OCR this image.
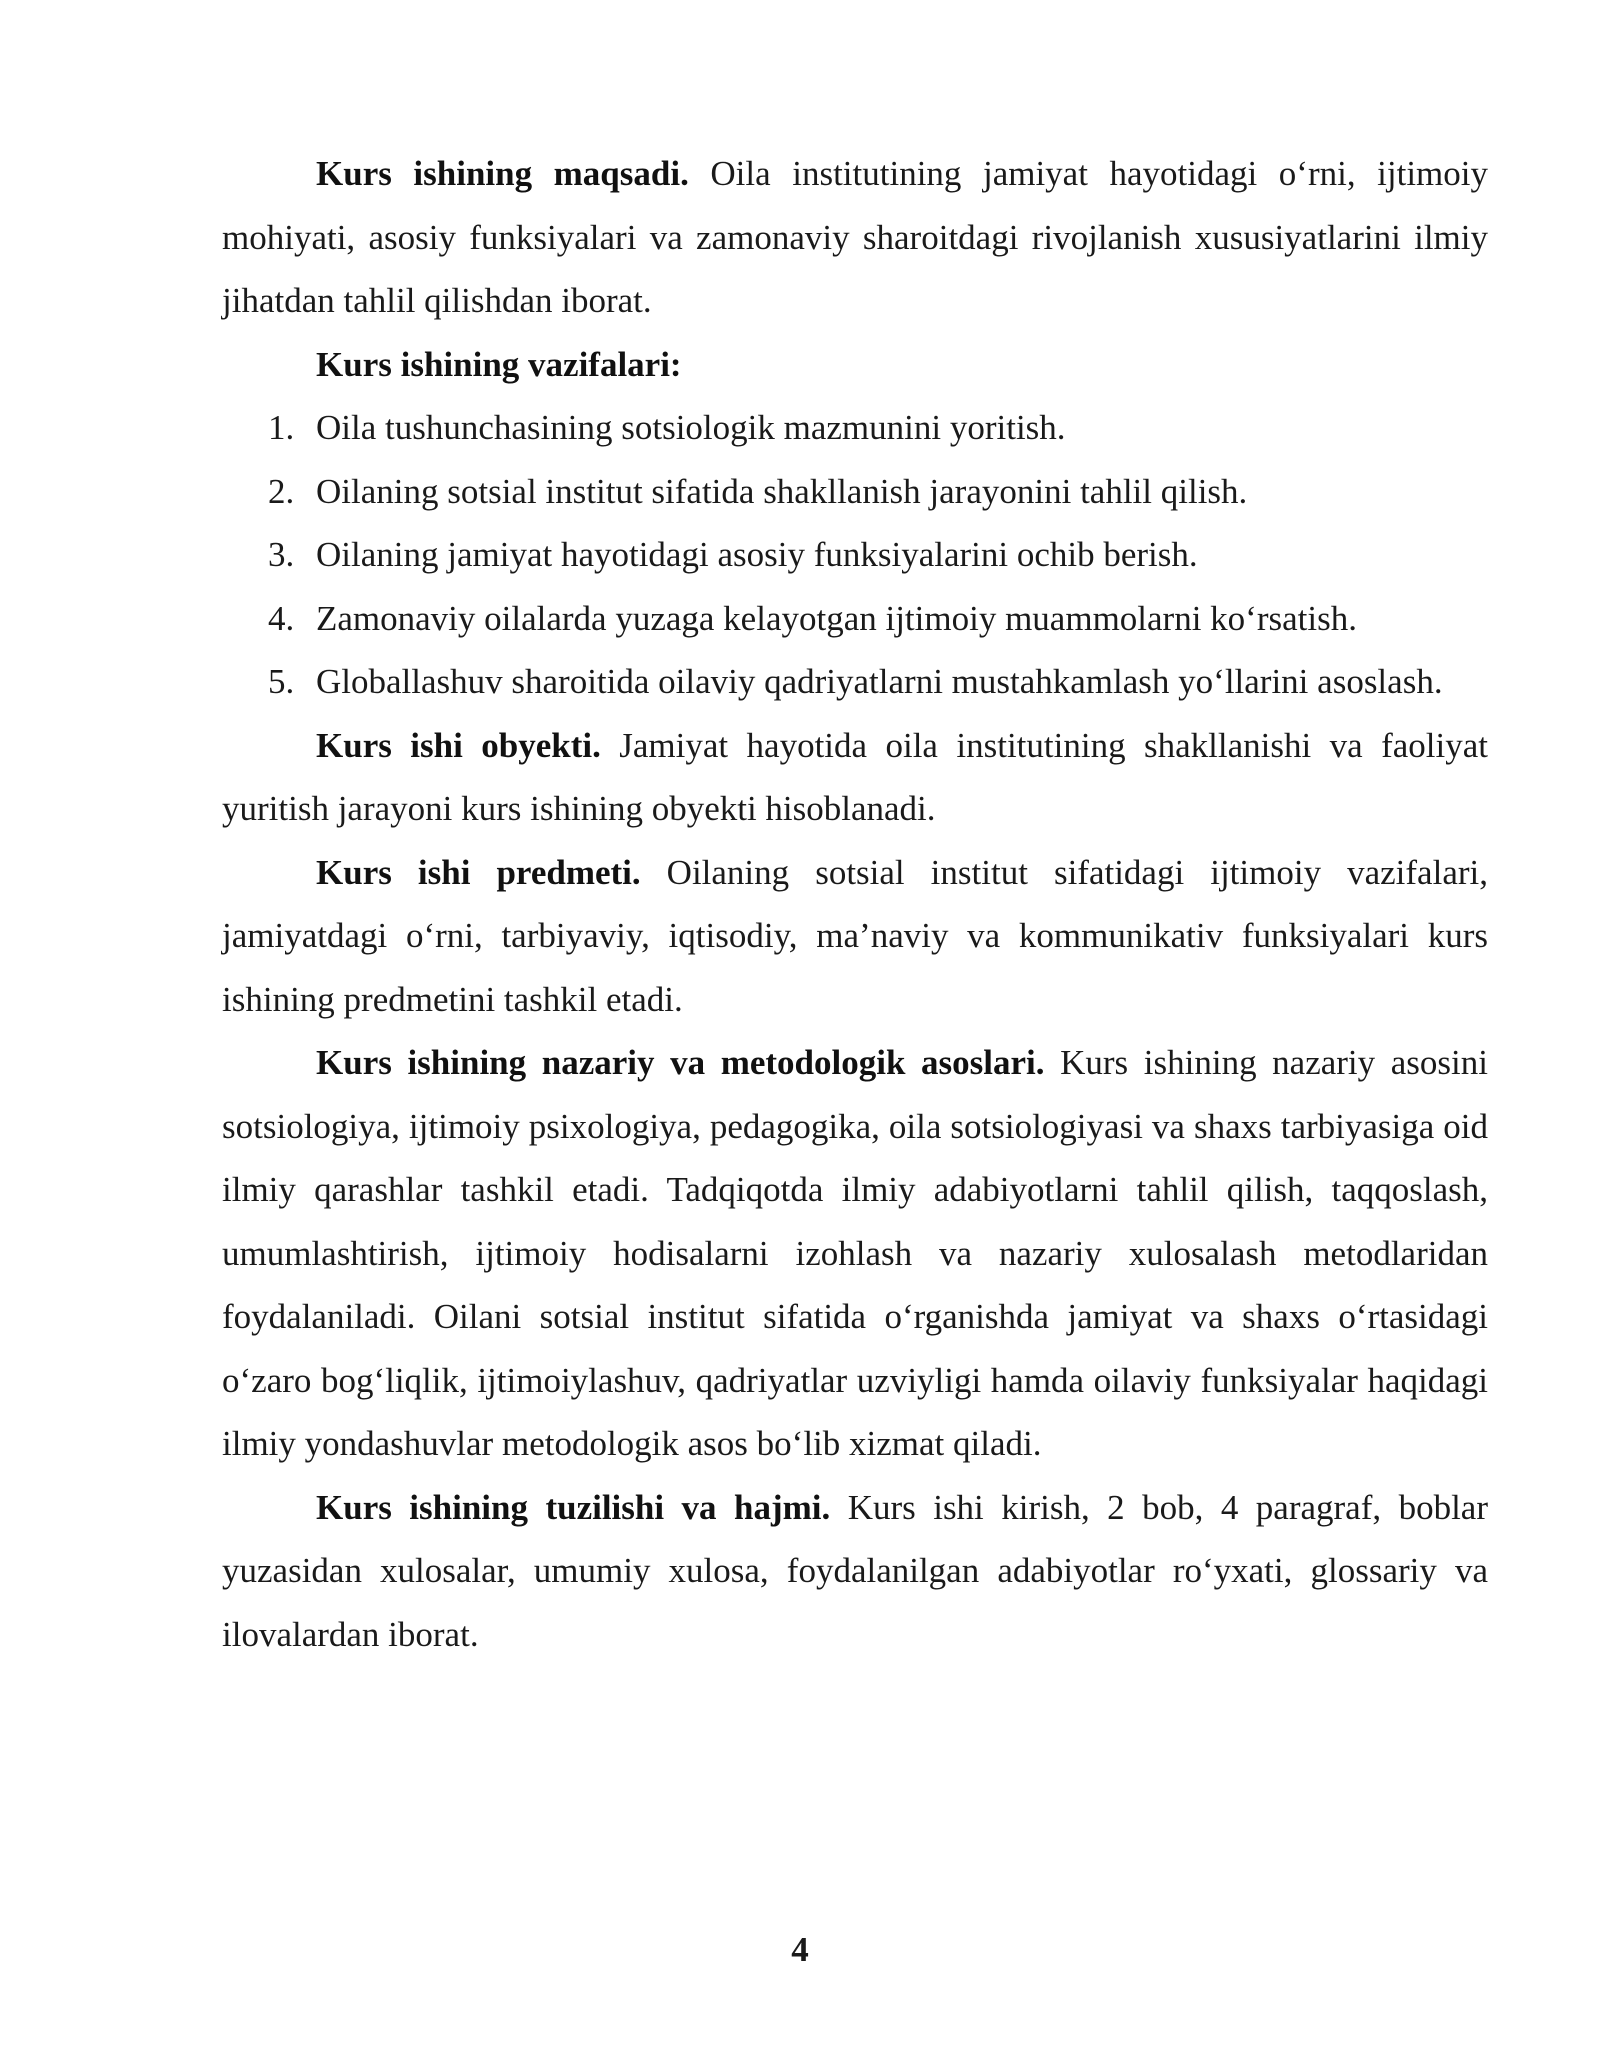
Kurs ishining maqsadi. Oila institutining jamiyat hayotidagi o‘rni, ijtimoiy mohiyati, asosiy funksiyalari va zamonaviy sharoitdagi rivojlanish xususiyatlarini ilmiy jihatdan tahlil qilishdan iborat.

Kurs ishining vazifalari:

1. Oila tushunchasining sotsiologik mazmunini yoritish.
2. Oilaning sotsial institut sifatida shakllanish jarayonini tahlil qilish.
3. Oilaning jamiyat hayotidagi asosiy funksiyalarini ochib berish.
4. Zamonaviy oilalarda yuzaga kelayotgan ijtimoiy muammolarni ko‘rsatish.
5. Globallashuv sharoitida oilaviy qadriyatlarni mustahkamlash yo‘llarini asoslash.

Kurs ishi obyekti. Jamiyat hayotida oila institutining shakllanishi va faoliyat yuritish jarayoni kurs ishining obyekti hisoblanadi.

Kurs ishi predmeti. Oilaning sotsial institut sifatidagi ijtimoiy vazifalari, jamiyatdagi o‘rni, tarbiyaviy, iqtisodiy, ma’naviy va kommunikativ funksiyalari kurs ishining predmetini tashkil etadi.

Kurs ishining nazariy va metodologik asoslari. Kurs ishining nazariy asosini sotsiologiya, ijtimoiy psixologiya, pedagogika, oila sotsiologiyasi va shaxs tarbiyasiga oid ilmiy qarashlar tashkil etadi. Tadqiqotda ilmiy adabiyotlarni tahlil qilish, taqqoslash, umumlashtirish, ijtimoiy hodisalarni izohlash va nazariy xulosalash metodlaridan foydalaniladi. Oilani sotsial institut sifatida o‘rganishda jamiyat va shaxs o‘rtasidagi o‘zaro bog‘liqlik, ijtimoiylashuv, qadriyatlar uzviyligi hamda oilaviy funksiyalar haqidagi ilmiy yondashuvlar metodologik asos bo‘lib xizmat qiladi.

Kurs ishining tuzilishi va hajmi. Kurs ishi kirish, 2 bob, 4 paragraf, boblar yuzasidan xulosalar, umumiy xulosa, foydalanilgan adabiyotlar ro‘yxati, glossariy va ilovalardan iborat.

4
